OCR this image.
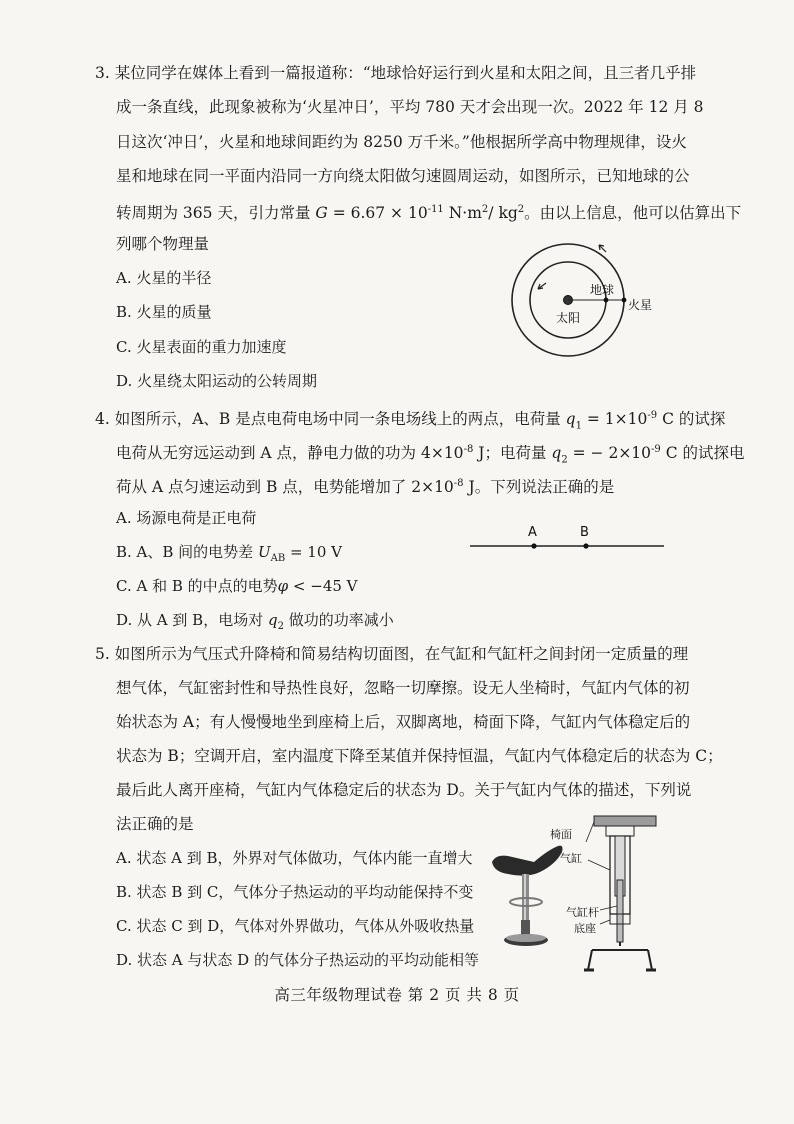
3. 某位同学在媒体上看到一篇报道称：“地球恰好运行到火星和太阳之间，且三者几乎排
成一条直线，此现象被称为‘火星冲日’，平均 780 天才会出现一次。2022 年 12 月 8
日这次‘冲日’，火星和地球间距约为 8250 万千米。”他根据所学高中物理规律，设火
星和地球在同一平面内沿同一方向绕太阳做匀速圆周运动，如图所示，已知地球的公
转周期为 365 天，引力常量 $G = 6.67 \times 10^{-11}$ $N\cdot m^2/$ $kg^2$。由以上信息，他可以估算出下
列哪个物理量
A. 火星的半径
B. 火星的质量
C. 火星表面的重力加速度
D. 火星绕太阳运动的公转周期
太阳
地球
火星
4. 如图所示，A、B 是点电荷电场中同一条电场线上的两点，电荷量 $q_1 = 1\times 10^{-9}$ C 的试探
电荷从无穷远运动到 A 点，静电力做的功为 $4\times 10^{-8}$ J；电荷量 $q_2$ = − $2\times 10^{-9}$ C 的试探电
荷从 A 点匀速运动到 B 点，电势能增加了 $2\times 10^{-8}$ J。下列说法正确的是
A. 场源电荷是正电荷
B. A、B 间的电势差 $U_{AB} = 10$ V
C. A 和 B 的中点的电势φ < −45 V
D. 从 A 到 B，电场对 $q_2$ 做功的功率减小
A	B
5. 如图所示为气压式升降椅和简易结构切面图，在气缸和气缸杆之间封闭一定质量的理
想气体，气缸密封性和导热性良好，忽略一切摩擦。设无人坐椅时，气缸内气体的初
始状态为 A；有人慢慢地坐到座椅上后，双脚离地，椅面下降，气缸内气体稳定后的
状态为 B；空调开启，室内温度下降至某值并保持恒温，气缸内气体稳定后的状态为 C；
最后此人离开座椅，气缸内气体稳定后的状态为 D。关于气缸内气体的描述，下列说
法正确的是
A. 状态 A 到 B，外界对气体做功，气体内能一直增大
B. 状态 B 到 C，气体分子热运动的平均动能保持不变
C. 状态 C 到 D，气体对外界做功，气体从外吸收热量
D. 状态 A 与状态 D 的气体分子热运动的平均动能相等
椅面
气缸
气缸杆
底座
高三年级物理试卷 第 2 页 共 8 页
